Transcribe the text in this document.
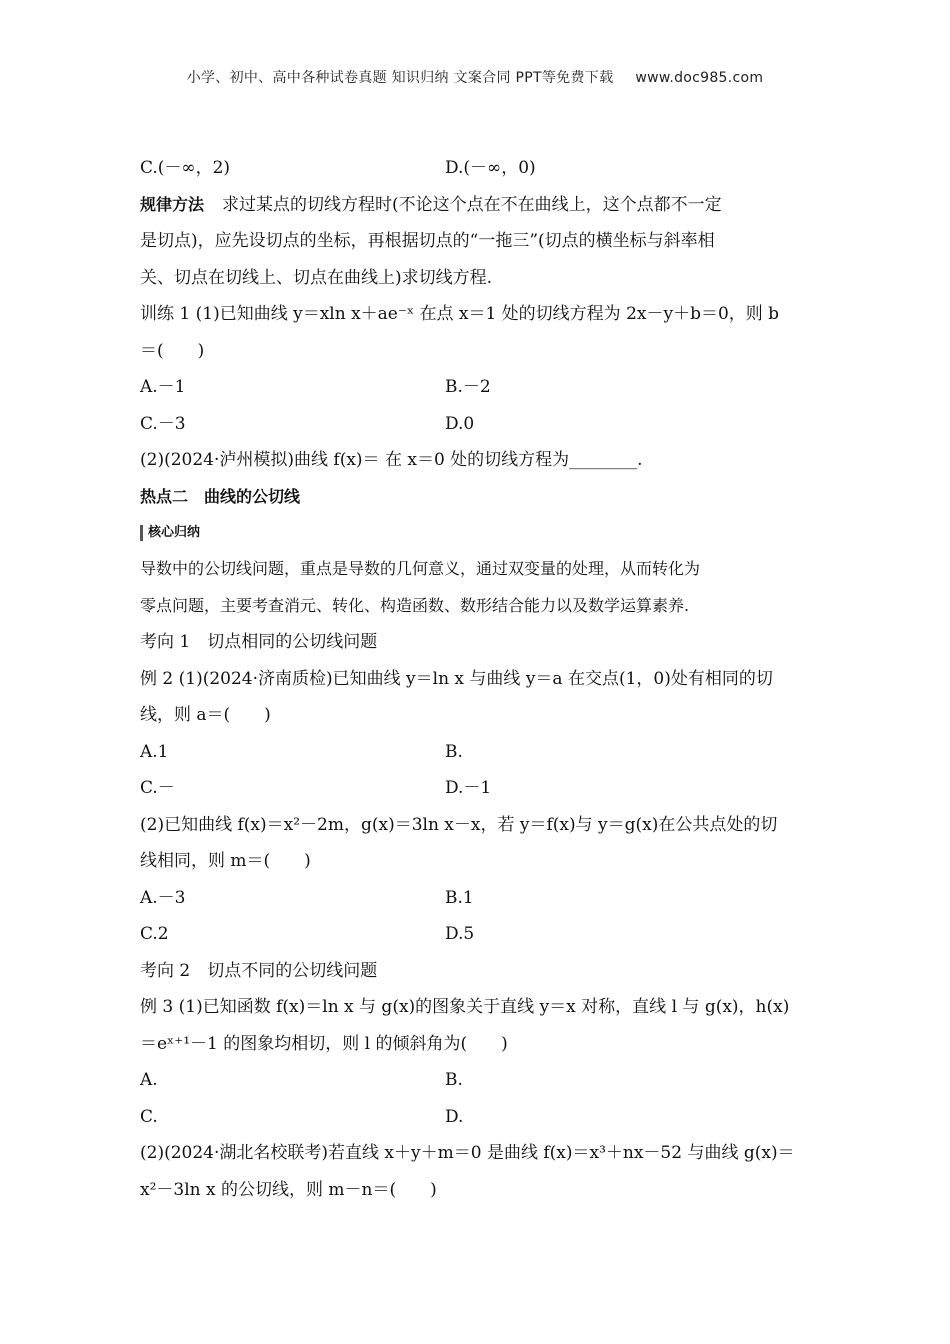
小学、初中、高中各种试卷真题 知识归纳 文案合同 PPT等免费下载 www.doc985.com
C.(－∞，2)	D.(－∞，0)
规律方法 求过某点的切线方程时(不论这个点在不在曲线上，这个点都不一定
是切点)，应先设切点的坐标，再根据切点的“一拖三”(切点的横坐标与斜率相
关、切点在切线上、切点在曲线上)求切线方程.
训练 1 (1)已知曲线 y＝xln x＋ae⁻ˣ 在点 x＝1 处的切线方程为 2x－y＋b＝0，则 b
＝(　　)
A.－1	B.－2
C.－3	D.0
(2)(2024·泸州模拟)曲线 f(x)＝ 在 x＝0 处的切线方程为________.
热点二　曲线的公切线
核心归纳
导数中的公切线问题，重点是导数的几何意义，通过双变量的处理，从而转化为
零点问题，主要考查消元、转化、构造函数、数形结合能力以及数学运算素养.
考向 1　切点相同的公切线问题
例 2 (1)(2024·济南质检)已知曲线 y＝ln x 与曲线 y＝a 在交点(1，0)处有相同的切
线，则 a＝(　　)
A.1	B.
C.－	D.－1
(2)已知曲线 f(x)＝x²－2m，g(x)＝3ln x－x，若 y＝f(x)与 y＝g(x)在公共点处的切
线相同，则 m＝(　　)
A.－3	B.1
C.2	D.5
考向 2　切点不同的公切线问题
例 3 (1)已知函数 f(x)＝ln x 与 g(x)的图象关于直线 y＝x 对称，直线 l 与 g(x)，h(x)
＝eˣ⁺¹－1 的图象均相切，则 l 的倾斜角为(　　)
A.	B.
C.	D.
(2)(2024·湖北名校联考)若直线 x＋y＋m＝0 是曲线 f(x)＝x³＋nx－52 与曲线 g(x)＝
x²－3ln x 的公切线，则 m－n＝(　　)
